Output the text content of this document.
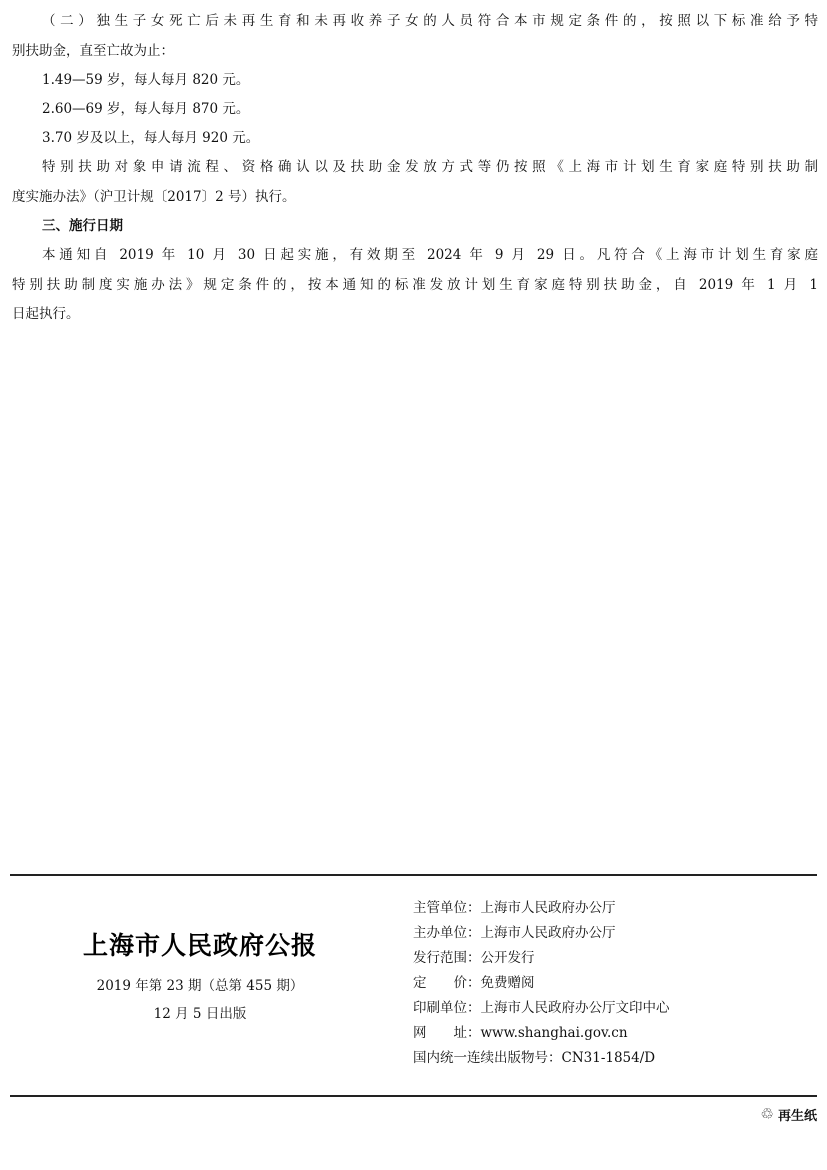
（二）独生子女死亡后未再生育和未再收养子女的人员符合本市规定条件的，按照以下标准给予特
别扶助金，直至亡故为止：
1.49—59 岁，每人每月 820 元。
2.60—69 岁，每人每月 870 元。
3.70 岁及以上，每人每月 920 元。
特别扶助对象申请流程、资格确认以及扶助金发放方式等仍按照《上海市计划生育家庭特别扶助制
度实施办法》（沪卫计规〔2017〕2 号）执行。
三、施行日期
本通知自 2019 年 10 月 30 日起实施，有效期至 2024 年 9 月 29 日。凡符合《上海市计划生育家庭
特别扶助制度实施办法》规定条件的，按本通知的标准发放计划生育家庭特别扶助金，自 2019 年 1 月 1
日起执行。
上海市人民政府公报
2019 年第 23 期（总第 455 期）
12 月 5 日出版
主管单位：上海市人民政府办公厅
主办单位：上海市人民政府办公厅
发行范围：公开发行
定　　价：免费赠阅
印刷单位：上海市人民政府办公厅文印中心
网　　址：www.shanghai.gov.cn
国内统一连续出版物号：CN31-1854/D
♲ 再生纸
